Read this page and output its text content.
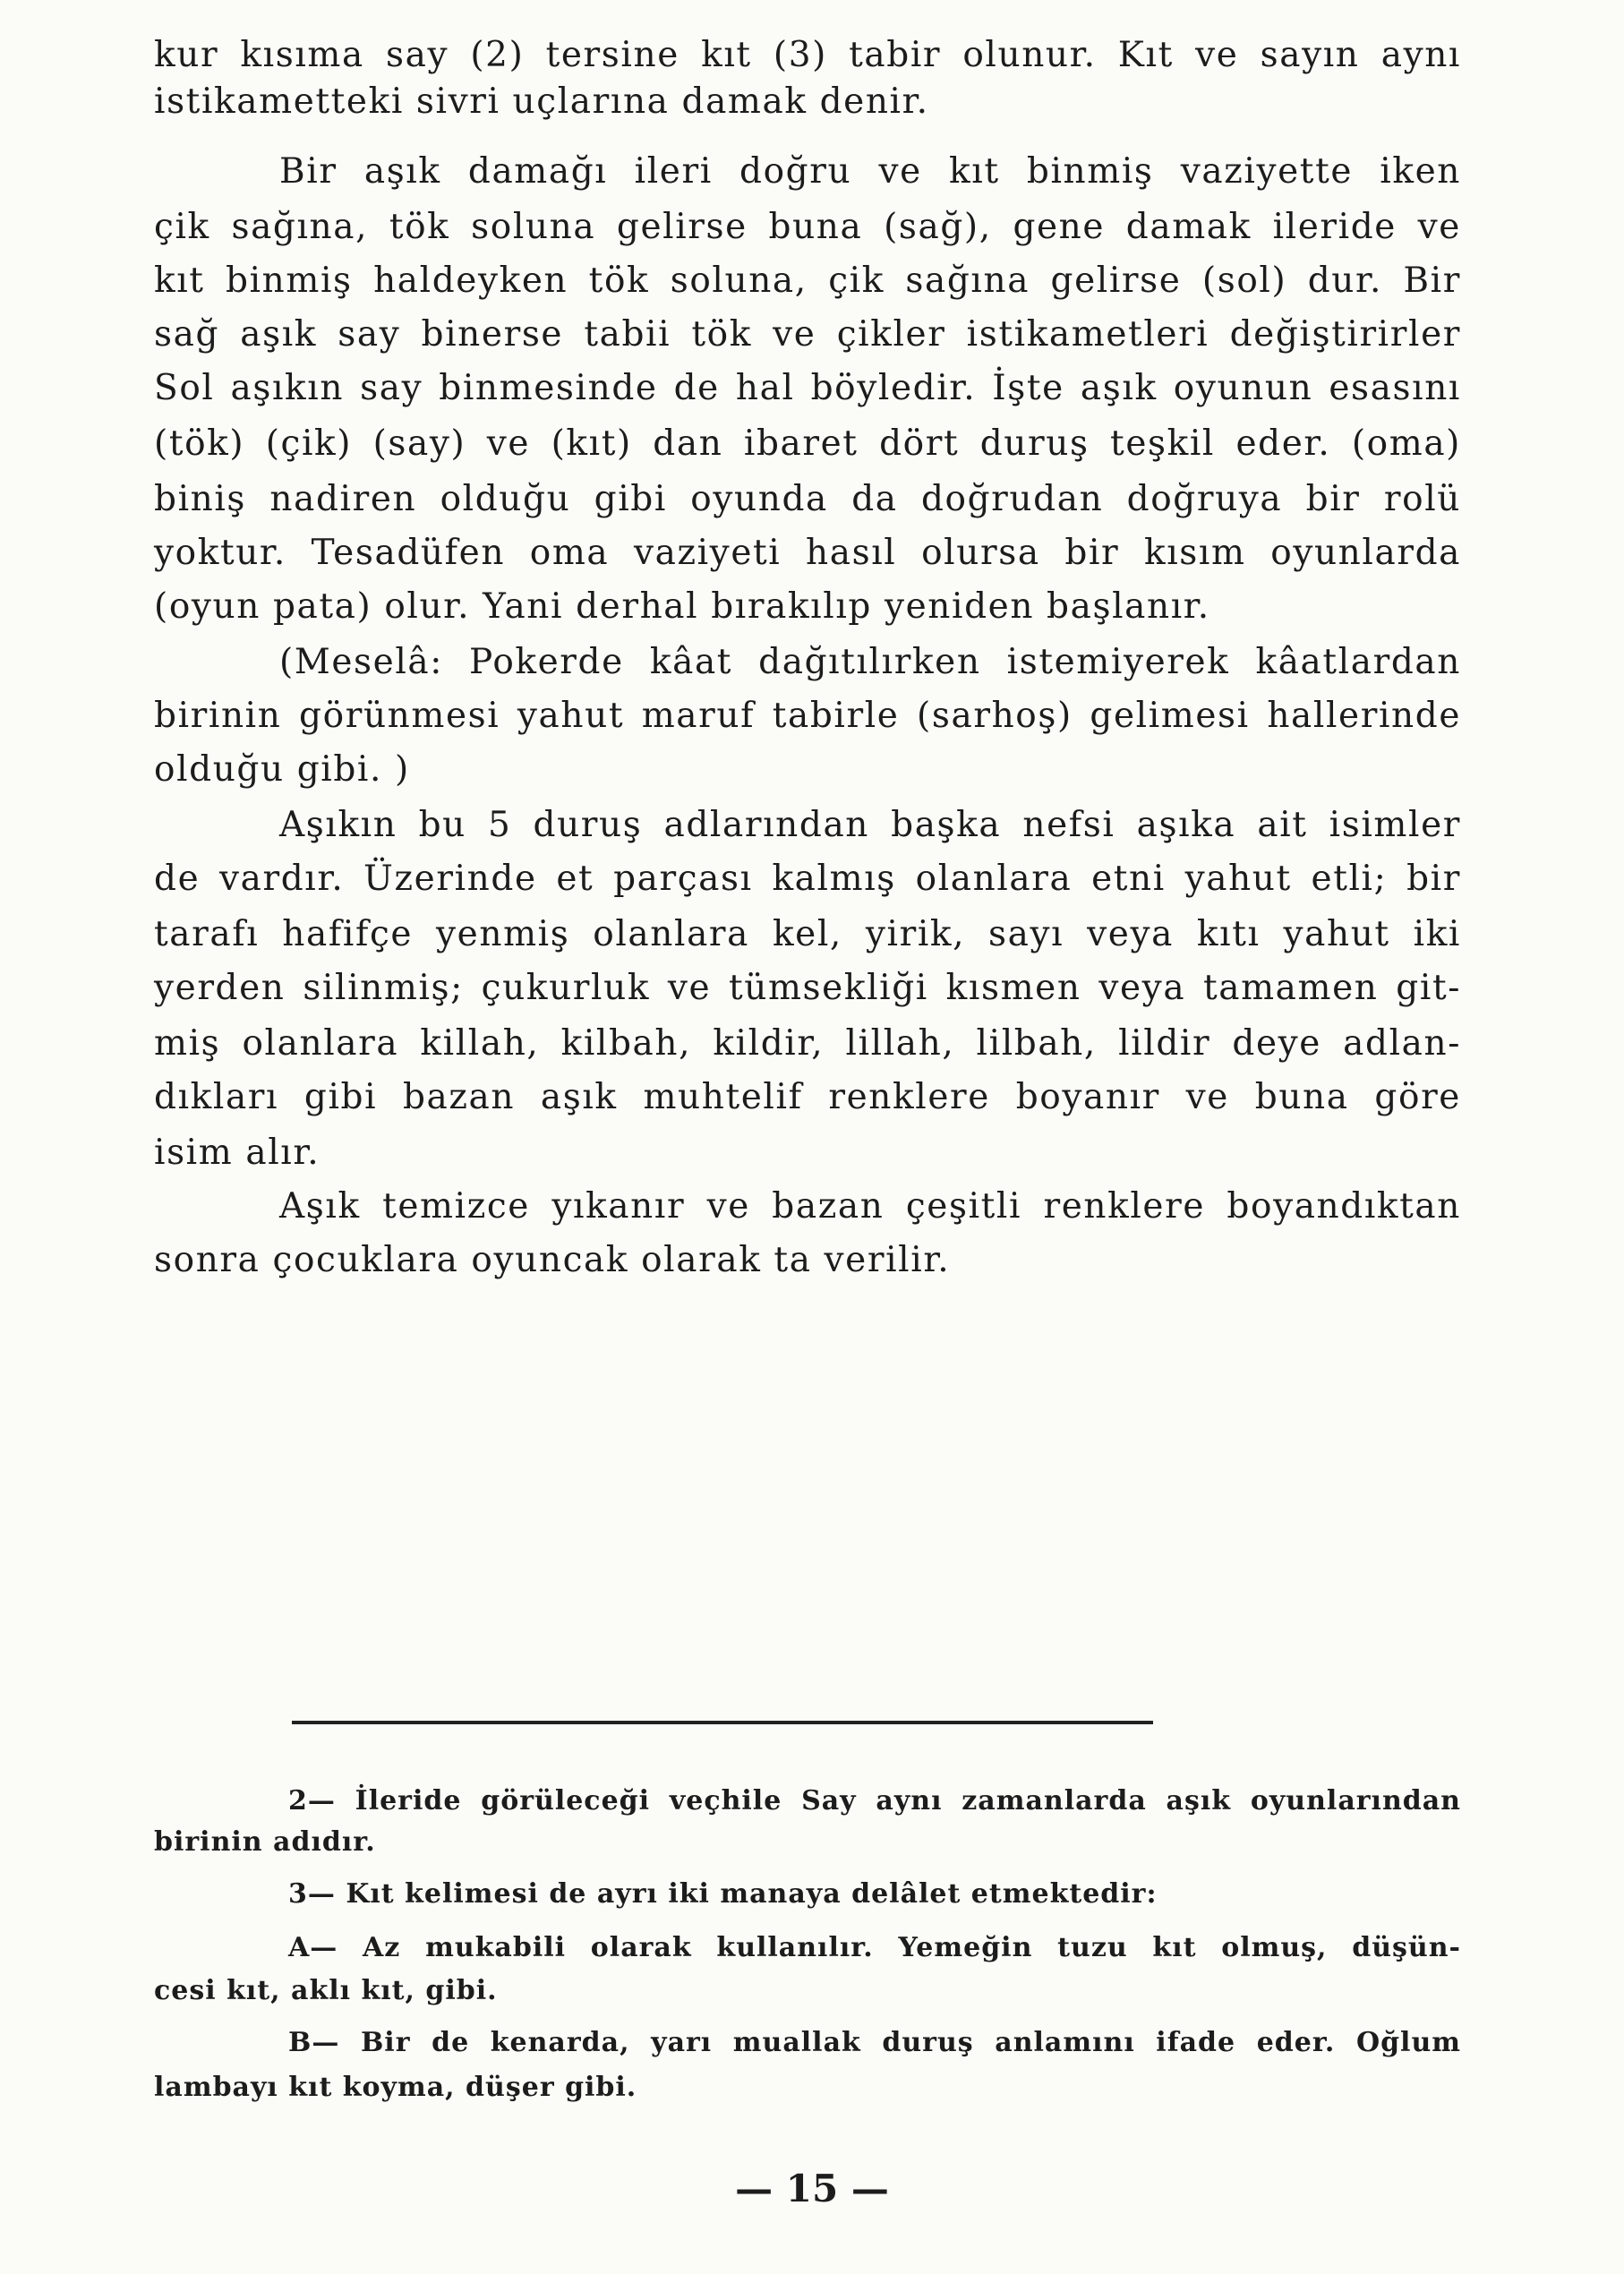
kur kısıma say (2) tersine kıt (3) tabir olunur. Kıt ve sayın aynı
istikametteki sivri uçlarına damak denir.
Bir aşık damağı ileri doğru ve kıt binmiş vaziyette iken
çik sağına, tök soluna gelirse buna (sağ), gene damak ileride ve
kıt binmiş haldeyken tök soluna, çik sağına gelirse (sol) dur. Bir
sağ aşık say binerse tabii tök ve çikler istikametleri değiştirirler
Sol aşıkın say binmesinde de hal böyledir. İşte aşık oyunun esasını
(tök) (çik) (say) ve (kıt) dan ibaret dört duruş teşkil eder. (oma)
biniş nadiren olduğu gibi oyunda da doğrudan doğruya bir rolü
yoktur. Tesadüfen oma vaziyeti hasıl olursa bir kısım oyunlarda
(oyun pata) olur. Yani derhal bırakılıp yeniden başlanır.
(Meselâ: Pokerde kâat dağıtılırken istemiyerek kâatlardan
birinin görünmesi yahut maruf tabirle (sarhoş) gelimesi hallerinde
olduğu gibi. )
Aşıkın bu 5 duruş adlarından başka nefsi aşıka ait isimler
de vardır. Üzerinde et parçası kalmış olanlara etni yahut etli; bir
tarafı hafifçe yenmiş olanlara kel, yirik, sayı veya kıtı yahut iki
yerden silinmiş; çukurluk ve tümsekliği kısmen veya tamamen git-
miş olanlara killah, kilbah, kildir, lillah, lilbah, lildir deye adlan-
dıkları gibi bazan aşık muhtelif renklere boyanır ve buna göre
isim alır.
Aşık temizce yıkanır ve bazan çeşitli renklere boyandıktan
sonra çocuklara oyuncak olarak ta verilir.
2— İleride görüleceği veçhile Say aynı zamanlarda aşık oyunlarından
birinin adıdır.
3— Kıt kelimesi de ayrı iki manaya delâlet etmektedir:
A— Az mukabili olarak kullanılır. Yemeğin tuzu kıt olmuş, düşün-
cesi kıt, aklı kıt, gibi.
B— Bir de kenarda, yarı muallak duruş anlamını ifade eder. Oğlum
lambayı kıt koyma, düşer gibi.
— 15 —
